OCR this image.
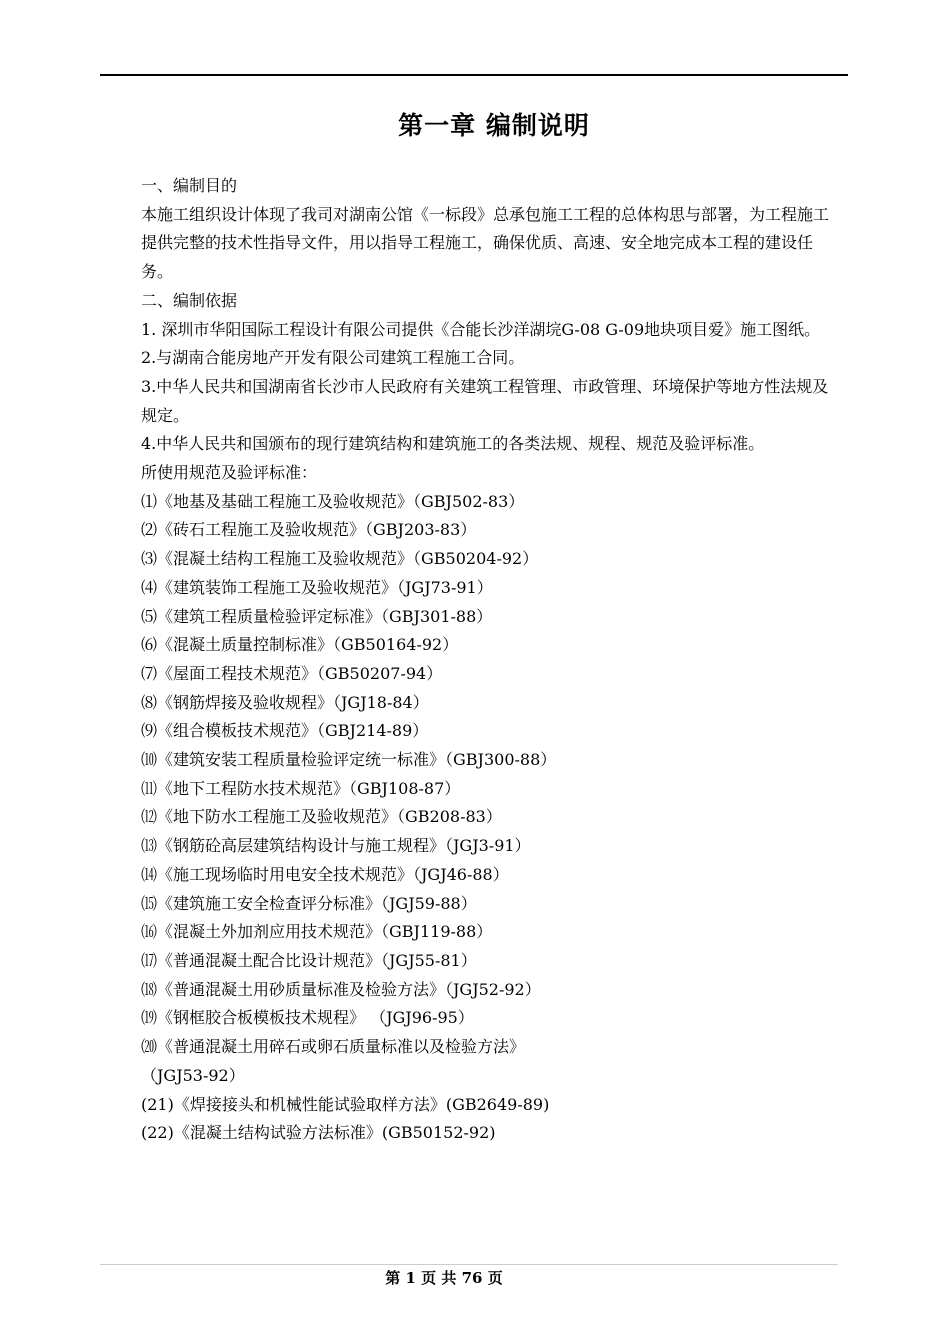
第一章 编制说明

一、编制目的

本施工组织设计体现了我司对湖南公馆《一标段》总承包施工工程的总体构思与部署，为工程施工提供完整的技术性指导文件，用以指导工程施工，确保优质、高速、安全地完成本工程的建设任务。

二、编制依据

1. 深圳市华阳国际工程设计有限公司提供《合能长沙洋湖垸G-08 G-09地块项目爱》施工图纸。

2.与湖南合能房地产开发有限公司建筑工程施工合同。

3.中华人民共和国湖南省长沙市人民政府有关建筑工程管理、市政管理、环境保护等地方性法规及规定。

4.中华人民共和国颁布的现行建筑结构和建筑施工的各类法规、规程、规范及验评标准。

所使用规范及验评标准：

⑴《地基及基础工程施工及验收规范》（GBJ502-83）

⑵《砖石工程施工及验收规范》（GBJ203-83）

⑶《混凝土结构工程施工及验收规范》（GB50204-92）

⑷《建筑装饰工程施工及验收规范》（JGJ73-91）

⑸《建筑工程质量检验评定标准》（GBJ301-88）

⑹《混凝土质量控制标准》（GB50164-92）

⑺《屋面工程技术规范》（GB50207-94）

⑻《钢筋焊接及验收规程》（JGJ18-84）

⑼《组合模板技术规范》（GBJ214-89）

⑽《建筑安装工程质量检验评定统一标准》（GBJ300-88）

⑾《地下工程防水技术规范》（GBJ108-87）

⑿《地下防水工程施工及验收规范》（GB208-83）

⒀《钢筋砼高层建筑结构设计与施工规程》（JGJ3-91）

⒁《施工现场临时用电安全技术规范》（JGJ46-88）

⒂《建筑施工安全检查评分标准》（JGJ59-88）

⒃《混凝土外加剂应用技术规范》（GBJ119-88）

⒄《普通混凝土配合比设计规范》（JGJ55-81）

⒅《普通混凝土用砂质量标准及检验方法》（JGJ52-92）

⒆《钢框胶合板模板技术规程》 （JGJ96-95）

⒇《普通混凝土用碎石或卵石质量标准以及检验方法》

（JGJ53-92）

(21)《焊接接头和机械性能试验取样方法》(GB2649-89)

(22)《混凝土结构试验方法标准》(GB50152-92)

第 1 页 共 76 页
